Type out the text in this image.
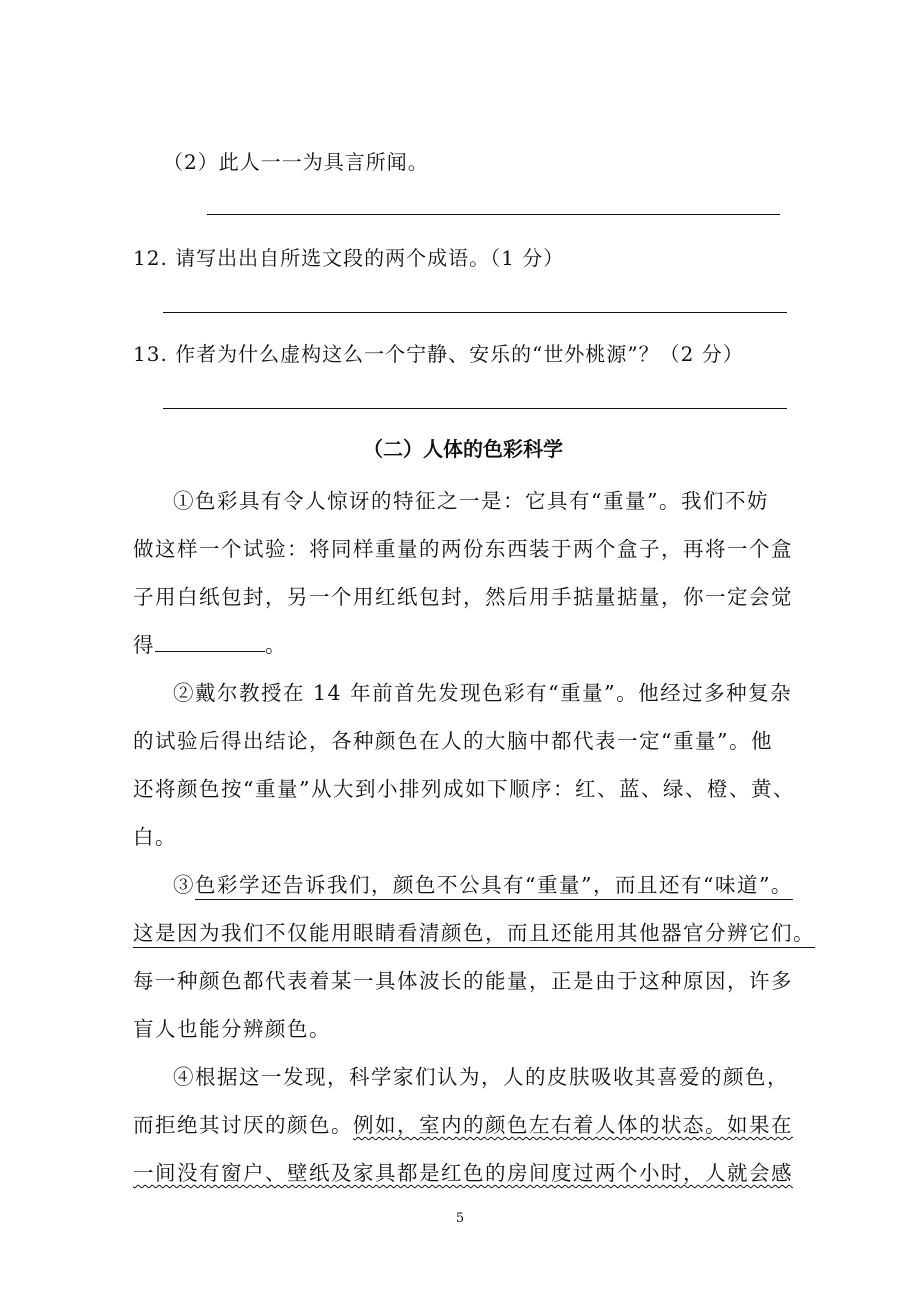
（2）此人一一为具言所闻。
12. 请写出出自所选文段的两个成语。（1 分）
13. 作者为什么虚构这么一个宁静、安乐的“世外桃源”？（2 分）
（二）人体的色彩科学
①色彩具有令人惊讶的特征之一是：它具有“重量”。我们不妨
做这样一个试验：将同样重量的两份东西装于两个盒子，再将一个盒
子用白纸包封，另一个用红纸包封，然后用手掂量掂量，你一定会觉
得	。
②戴尔教授在 14 年前首先发现色彩有“重量”。他经过多种复杂
的试验后得出结论，各种颜色在人的大脑中都代表一定“重量”。他
还将颜色按“重量”从大到小排列成如下顺序：红、蓝、绿、橙、黄、
白。
③色彩学还告诉我们，颜色不公具有“重量”，而且还有“味道”。
这是因为我们不仅能用眼睛看清颜色，而且还能用其他器官分辨它们。
每一种颜色都代表着某一具体波长的能量，正是由于这种原因，许多
盲人也能分辨颜色。
④根据这一发现，科学家们认为，人的皮肤吸收其喜爱的颜色，
而拒绝其讨厌的颜色。例如，室内的颜色左右着人体的状态。如果在
一间没有窗户、壁纸及家具都是红色的房间度过两个小时，人就会感
5
